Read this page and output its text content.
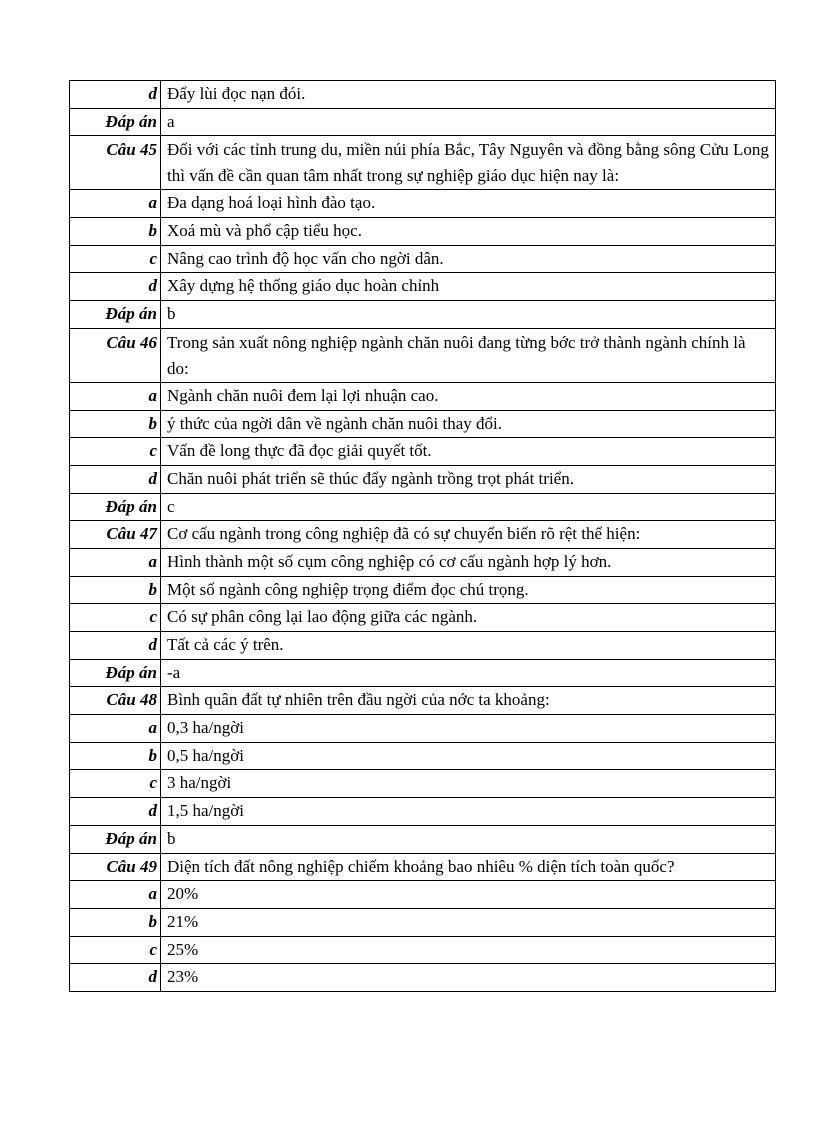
d	Đẩy lùi đọc nạn đói.
Đáp án	a
Câu 45	Đối với các tỉnh trung du, miền núi phía Bắc, Tây Nguyên và đồng bằng sông Cửu Long thì vấn đề cần quan tâm nhất trong sự nghiệp giáo dục hiện nay là:
a	Đa dạng hoá loại hình đào tạo.
b	Xoá mù và phổ cập tiểu học.
c	Nâng cao trình độ học vấn cho ngời dân.
d	Xây dựng hệ thống giáo dục hoàn chỉnh
Đáp án	b
Câu 46	Trong sản xuất nông nghiệp ngành chăn nuôi đang từng bớc trở thành ngành chính là do:
a	Ngành chăn nuôi đem lại lợi nhuận cao.
b	ý thức của ngời dân về ngành chăn nuôi thay đổi.
c	Vấn đề long thực đã đọc giải quyết tốt.
d	Chăn nuôi phát triển sẽ thúc đẩy ngành trồng trọt phát triển.
Đáp án	c
Câu 47	Cơ cấu ngành trong công nghiệp đã có sự chuyển biến rõ rệt thể hiện:
a	Hình thành một số cụm công nghiệp có cơ cấu ngành hợp lý hơn.
b	Một số ngành công nghiệp trọng điểm đọc chú trọng.
c	Có sự phân công lại lao động giữa các ngành.
d	Tất cả các ý trên.
Đáp án	-a
Câu 48	Bình quân đất tự nhiên trên đầu ngời của nớc ta khoảng:
a	0,3 ha/ngời
b	0,5 ha/ngời
c	3 ha/ngời
d	1,5 ha/ngời
Đáp án	b
Câu 49	Diện tích đất nông nghiệp chiếm khoảng bao nhiêu % diện tích toàn quốc?
a	20%
b	21%
c	25%
d	23%
